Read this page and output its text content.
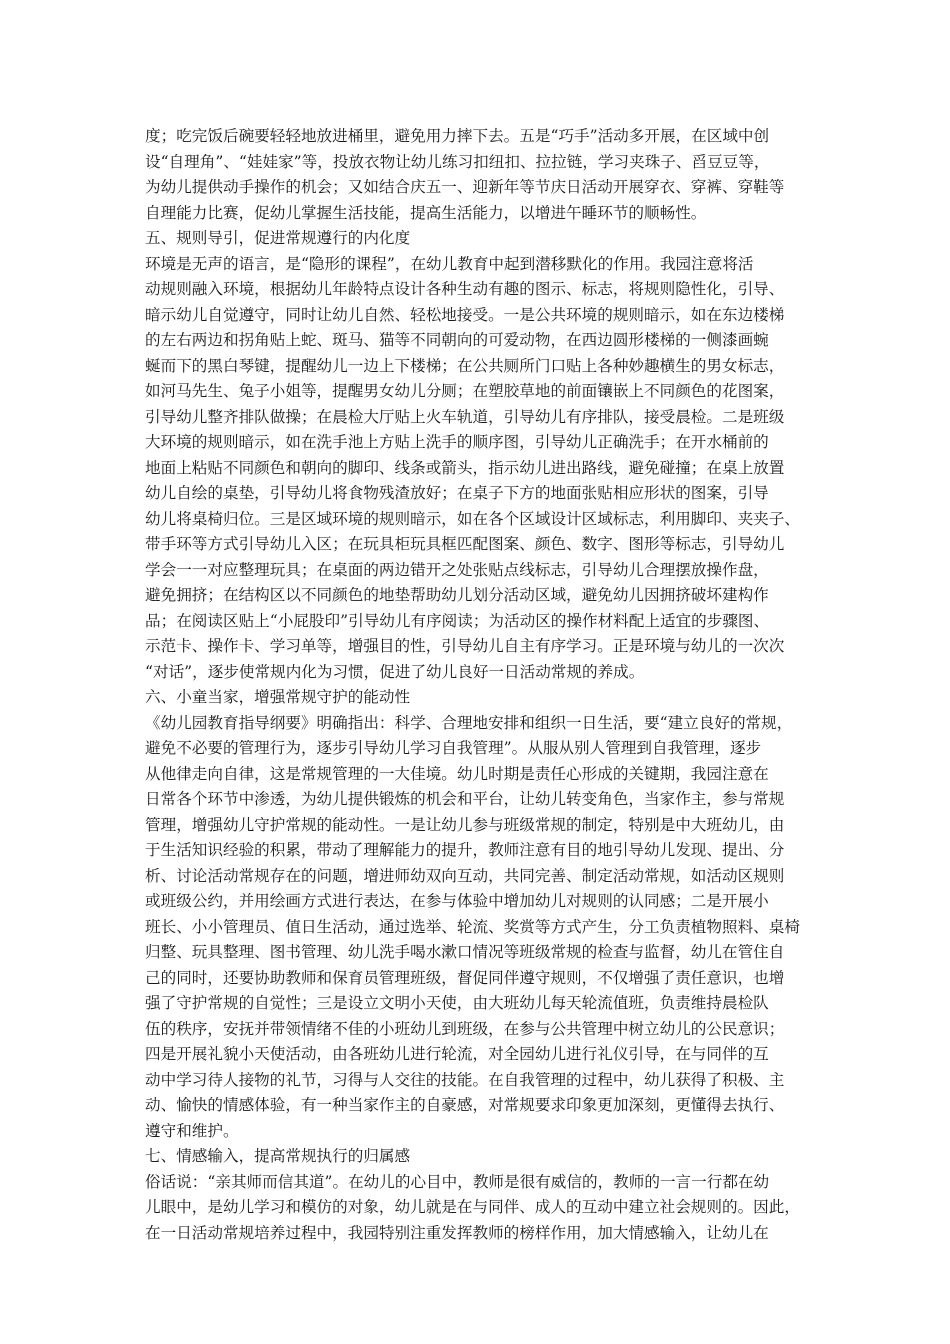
度；吃完饭后碗要轻轻地放进桶里，避免用力摔下去。五是“巧手”活动多开展，在区域中创
设“自理角”、“娃娃家”等，投放衣物让幼儿练习扣纽扣、拉拉链，学习夹珠子、舀豆豆等，
为幼儿提供动手操作的机会；又如结合庆五一、迎新年等节庆日活动开展穿衣、穿裤、穿鞋等
自理能力比赛，促幼儿掌握生活技能，提高生活能力，以增进午睡环节的顺畅性。
五、规则导引，促进常规遵行的内化度
环境是无声的语言，是“隐形的课程”，在幼儿教育中起到潜移默化的作用。我园注意将活
动规则融入环境，根据幼儿年龄特点设计各种生动有趣的图示、标志，将规则隐性化，引导、
暗示幼儿自觉遵守，同时让幼儿自然、轻松地接受。一是公共环境的规则暗示，如在东边楼梯
的左右两边和拐角贴上蛇、斑马、猫等不同朝向的可爱动物，在西边圆形楼梯的一侧漆画蜿
蜒而下的黑白琴键，提醒幼儿一边上下楼梯；在公共厕所门口贴上各种妙趣横生的男女标志，
如河马先生、兔子小姐等，提醒男女幼儿分厕；在塑胶草地的前面镶嵌上不同颜色的花图案，
引导幼儿整齐排队做操；在晨检大厅贴上火车轨道，引导幼儿有序排队，接受晨检。二是班级
大环境的规则暗示，如在洗手池上方贴上洗手的顺序图，引导幼儿正确洗手；在开水桶前的
地面上粘贴不同颜色和朝向的脚印、线条或箭头，指示幼儿进出路线，避免碰撞；在桌上放置
幼儿自绘的桌垫，引导幼儿将食物残渣放好；在桌子下方的地面张贴相应形状的图案，引导
幼儿将桌椅归位。三是区域环境的规则暗示，如在各个区域设计区域标志，利用脚印、夹夹子、
带手环等方式引导幼儿入区；在玩具柜玩具框匹配图案、颜色、数字、图形等标志，引导幼儿
学会一一对应整理玩具；在桌面的两边错开之处张贴点线标志，引导幼儿合理摆放操作盘，
避免拥挤；在结构区以不同颜色的地垫帮助幼儿划分活动区域，避免幼儿因拥挤破坏建构作
品；在阅读区贴上“小屁股印”引导幼儿有序阅读；为活动区的操作材料配上适宜的步骤图、
示范卡、操作卡、学习单等，增强目的性，引导幼儿自主有序学习。正是环境与幼儿的一次次
“对话”，逐步使常规内化为习惯，促进了幼儿良好一日活动常规的养成。
六、小童当家，增强常规守护的能动性
《幼儿园教育指导纲要》明确指出：科学、合理地安排和组织一日生活，要“建立良好的常规，
避免不必要的管理行为，逐步引导幼儿学习自我管理”。从服从别人管理到自我管理，逐步
从他律走向自律，这是常规管理的一大佳境。幼儿时期是责任心形成的关键期，我园注意在
日常各个环节中渗透，为幼儿提供锻炼的机会和平台，让幼儿转变角色，当家作主，参与常规
管理，增强幼儿守护常规的能动性。一是让幼儿参与班级常规的制定，特别是中大班幼儿，由
于生活知识经验的积累，带动了理解能力的提升，教师注意有目的地引导幼儿发现、提出、分
析、讨论活动常规存在的问题，增进师幼双向互动，共同完善、制定活动常规，如活动区规则
或班级公约，并用绘画方式进行表达，在参与体验中增加幼儿对规则的认同感；二是开展小
班长、小小管理员、值日生活动，通过选举、轮流、奖赏等方式产生，分工负责植物照料、桌椅
归整、玩具整理、图书管理、幼儿洗手喝水漱口情况等班级常规的检查与监督，幼儿在管住自
己的同时，还要协助教师和保育员管理班级，督促同伴遵守规则，不仅增强了责任意识，也增
强了守护常规的自觉性；三是设立文明小天使，由大班幼儿每天轮流值班，负责维持晨检队
伍的秩序，安抚并带领情绪不佳的小班幼儿到班级，在参与公共管理中树立幼儿的公民意识；
四是开展礼貌小天使活动，由各班幼儿进行轮流，对全园幼儿进行礼仪引导，在与同伴的互
动中学习待人接物的礼节，习得与人交往的技能。在自我管理的过程中，幼儿获得了积极、主
动、愉快的情感体验，有一种当家作主的自豪感，对常规要求印象更加深刻，更懂得去执行、
遵守和维护。
七、情感输入，提高常规执行的归属感
俗话说：“亲其师而信其道”。在幼儿的心目中，教师是很有威信的，教师的一言一行都在幼
儿眼中，是幼儿学习和模仿的对象，幼儿就是在与同伴、成人的互动中建立社会规则的。因此，
在一日活动常规培养过程中，我园特别注重发挥教师的榜样作用，加大情感输入，让幼儿在
